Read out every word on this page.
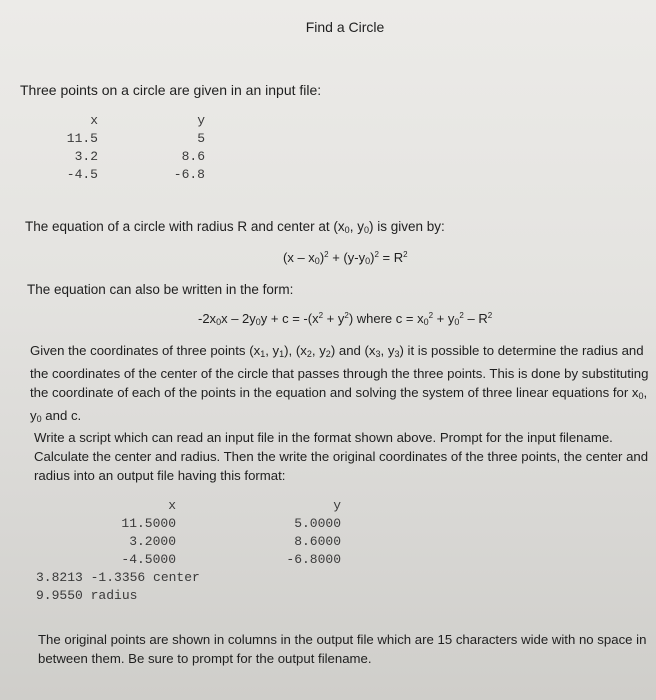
Find a Circle
Three points on a circle are given in an input file:
x	y
11.5	5
3.2	8.6
-4.5	-6.8
The equation of a circle with radius R and center at ($x_0$, $y_0$) is given by:
$(x - x_0)^2 + (y-y_0)^2 = R^2$
The equation can also be written in the form:
$-2x_0x - 2y_0y + c = -(x^2 + y^2)$ where $c = x_0^2 + y_0^2 - R^2$
Given the coordinates of three points ($x_1$, $y_1$), ($x_2$, $y_2$) and ($x_3$, $y_3$) it is possible to determine the radius and the coordinates of the center of the circle that passes through the three points. This is done by substituting the coordinate of each of the points in the equation and solving the system of three linear equations for $x_0$, $y_0$ and c.
Write a script which can read an input file in the format shown above. Prompt for the input filename. Calculate the center and radius. Then the write the original coordinates of the three points, the center and radius into an output file having this format:
x	y
11.5000	5.0000
3.2000	8.6000
-4.5000	-6.8000
3.8213 -1.3356 center
9.9550 radius
The original points are shown in columns in the output file which are 15 characters wide with no space in between them. Be sure to prompt for the output filename.
